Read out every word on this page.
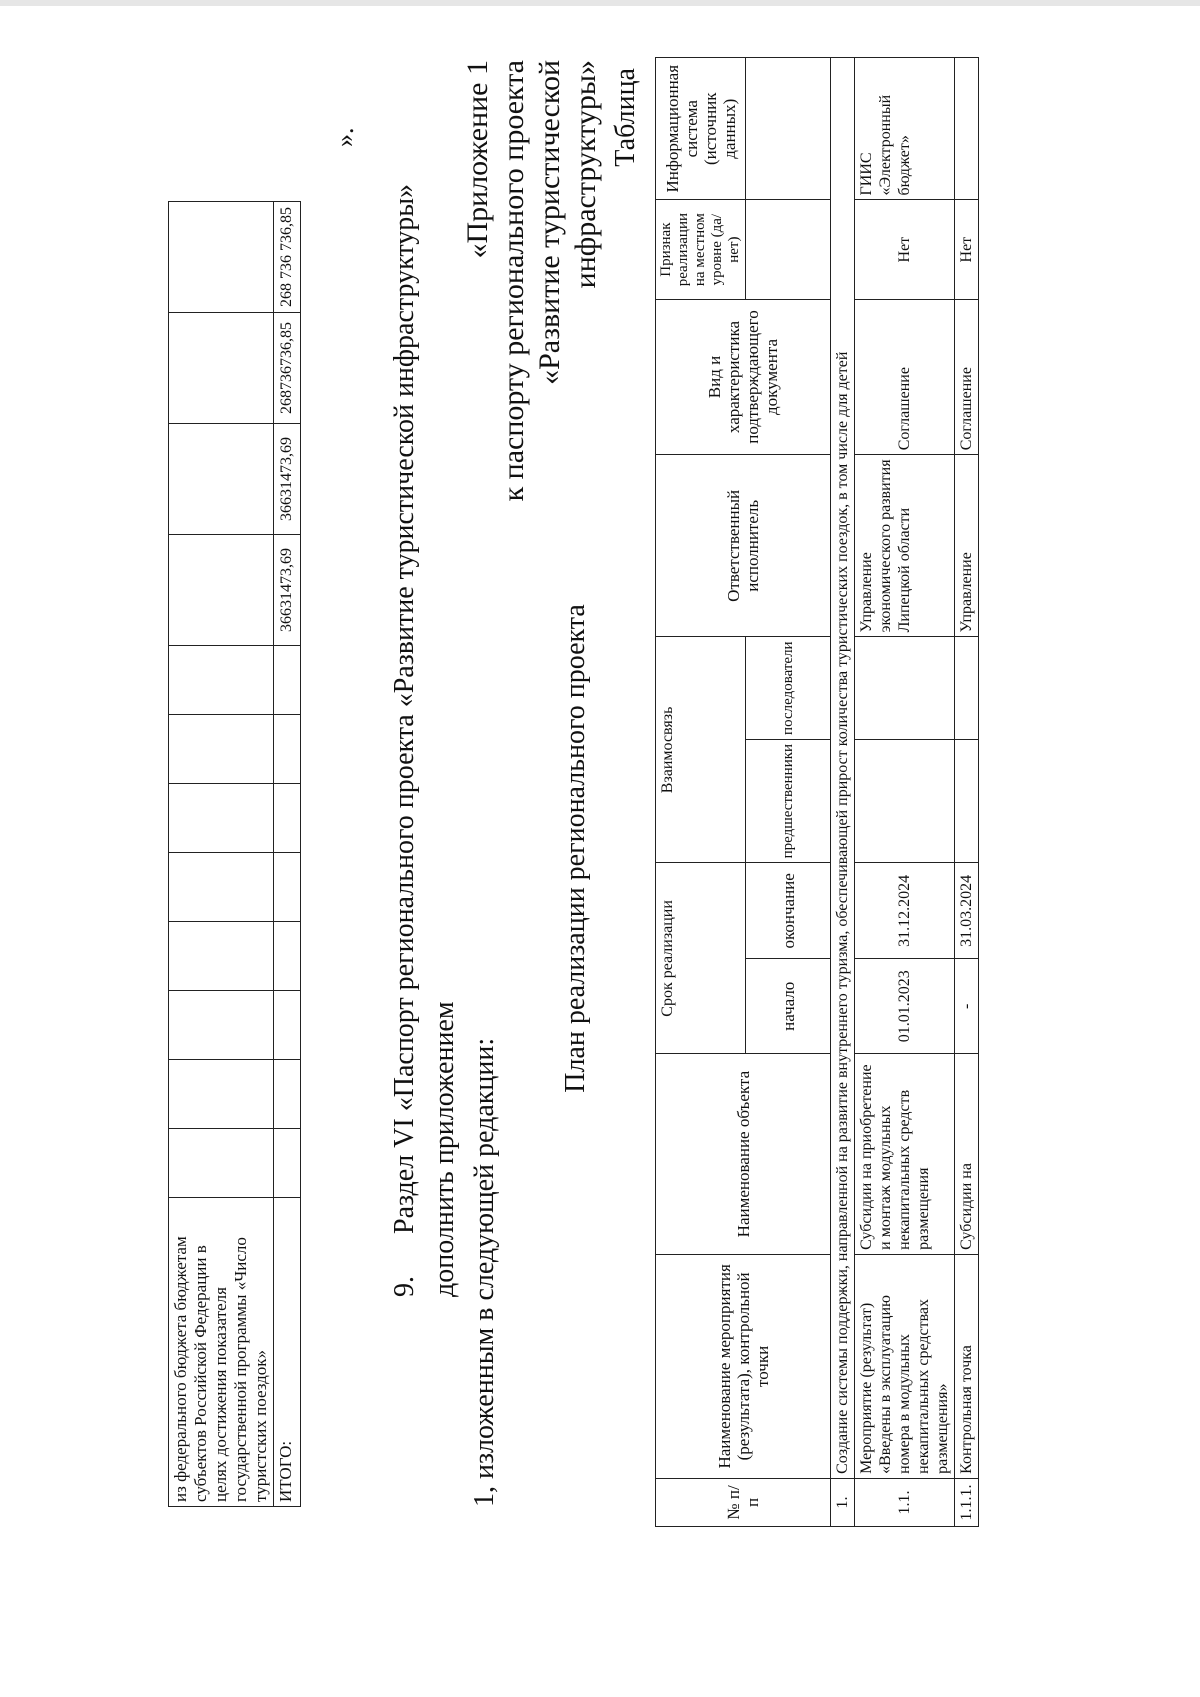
из федерального бюджета бюджетам субъектов Российской Федерации в целях достижения показателя государственной программы «Число туристских поездок»												
ИТОГО:									36631473,69	36631473,69	268736736,85	268 736 736,85
».
9.      Раздел VI «Паспорт регионального проекта «Развитие туристической инфраструктуры» дополнить приложением 1, изложенным в следующей редакции:
«Приложение 1 к паспорту регионального проекта «Развитие туристической инфраструктуры»
План реализации регионального проекта
Таблица
№ п/п	Наименование мероприятия (результата), контрольной точки	Наименование объекта	Срок реализации		Взаимосвязь		Ответственный исполнитель	Вид и характеристика подтверждающего документа	Признак реализации на местном уровне (да/нет)	Информационная система (источник данных)
			начало	окончание	предшественники	последователи				
1.	Создание системы поддержки, направленной на развитие внутреннего туризма, обеспечивающей прирост количества туристических поездок, в том числе для детей									
1.1.	Мероприятие (результат) «Введены в эксплуатацию номера в модульных некапитальных средствах размещения»	Субсидии на приобретение и монтаж модульных некапитальных средств размещения	01.01.2023	31.12.2024			Управление экономического развития Липецкой области	Соглашение	Нет	ГИИС «Электронный бюджет»
1.1.1.	Контрольная точка	Субсидии на	-	31.03.2024			Управление	Соглашение	Нет	
